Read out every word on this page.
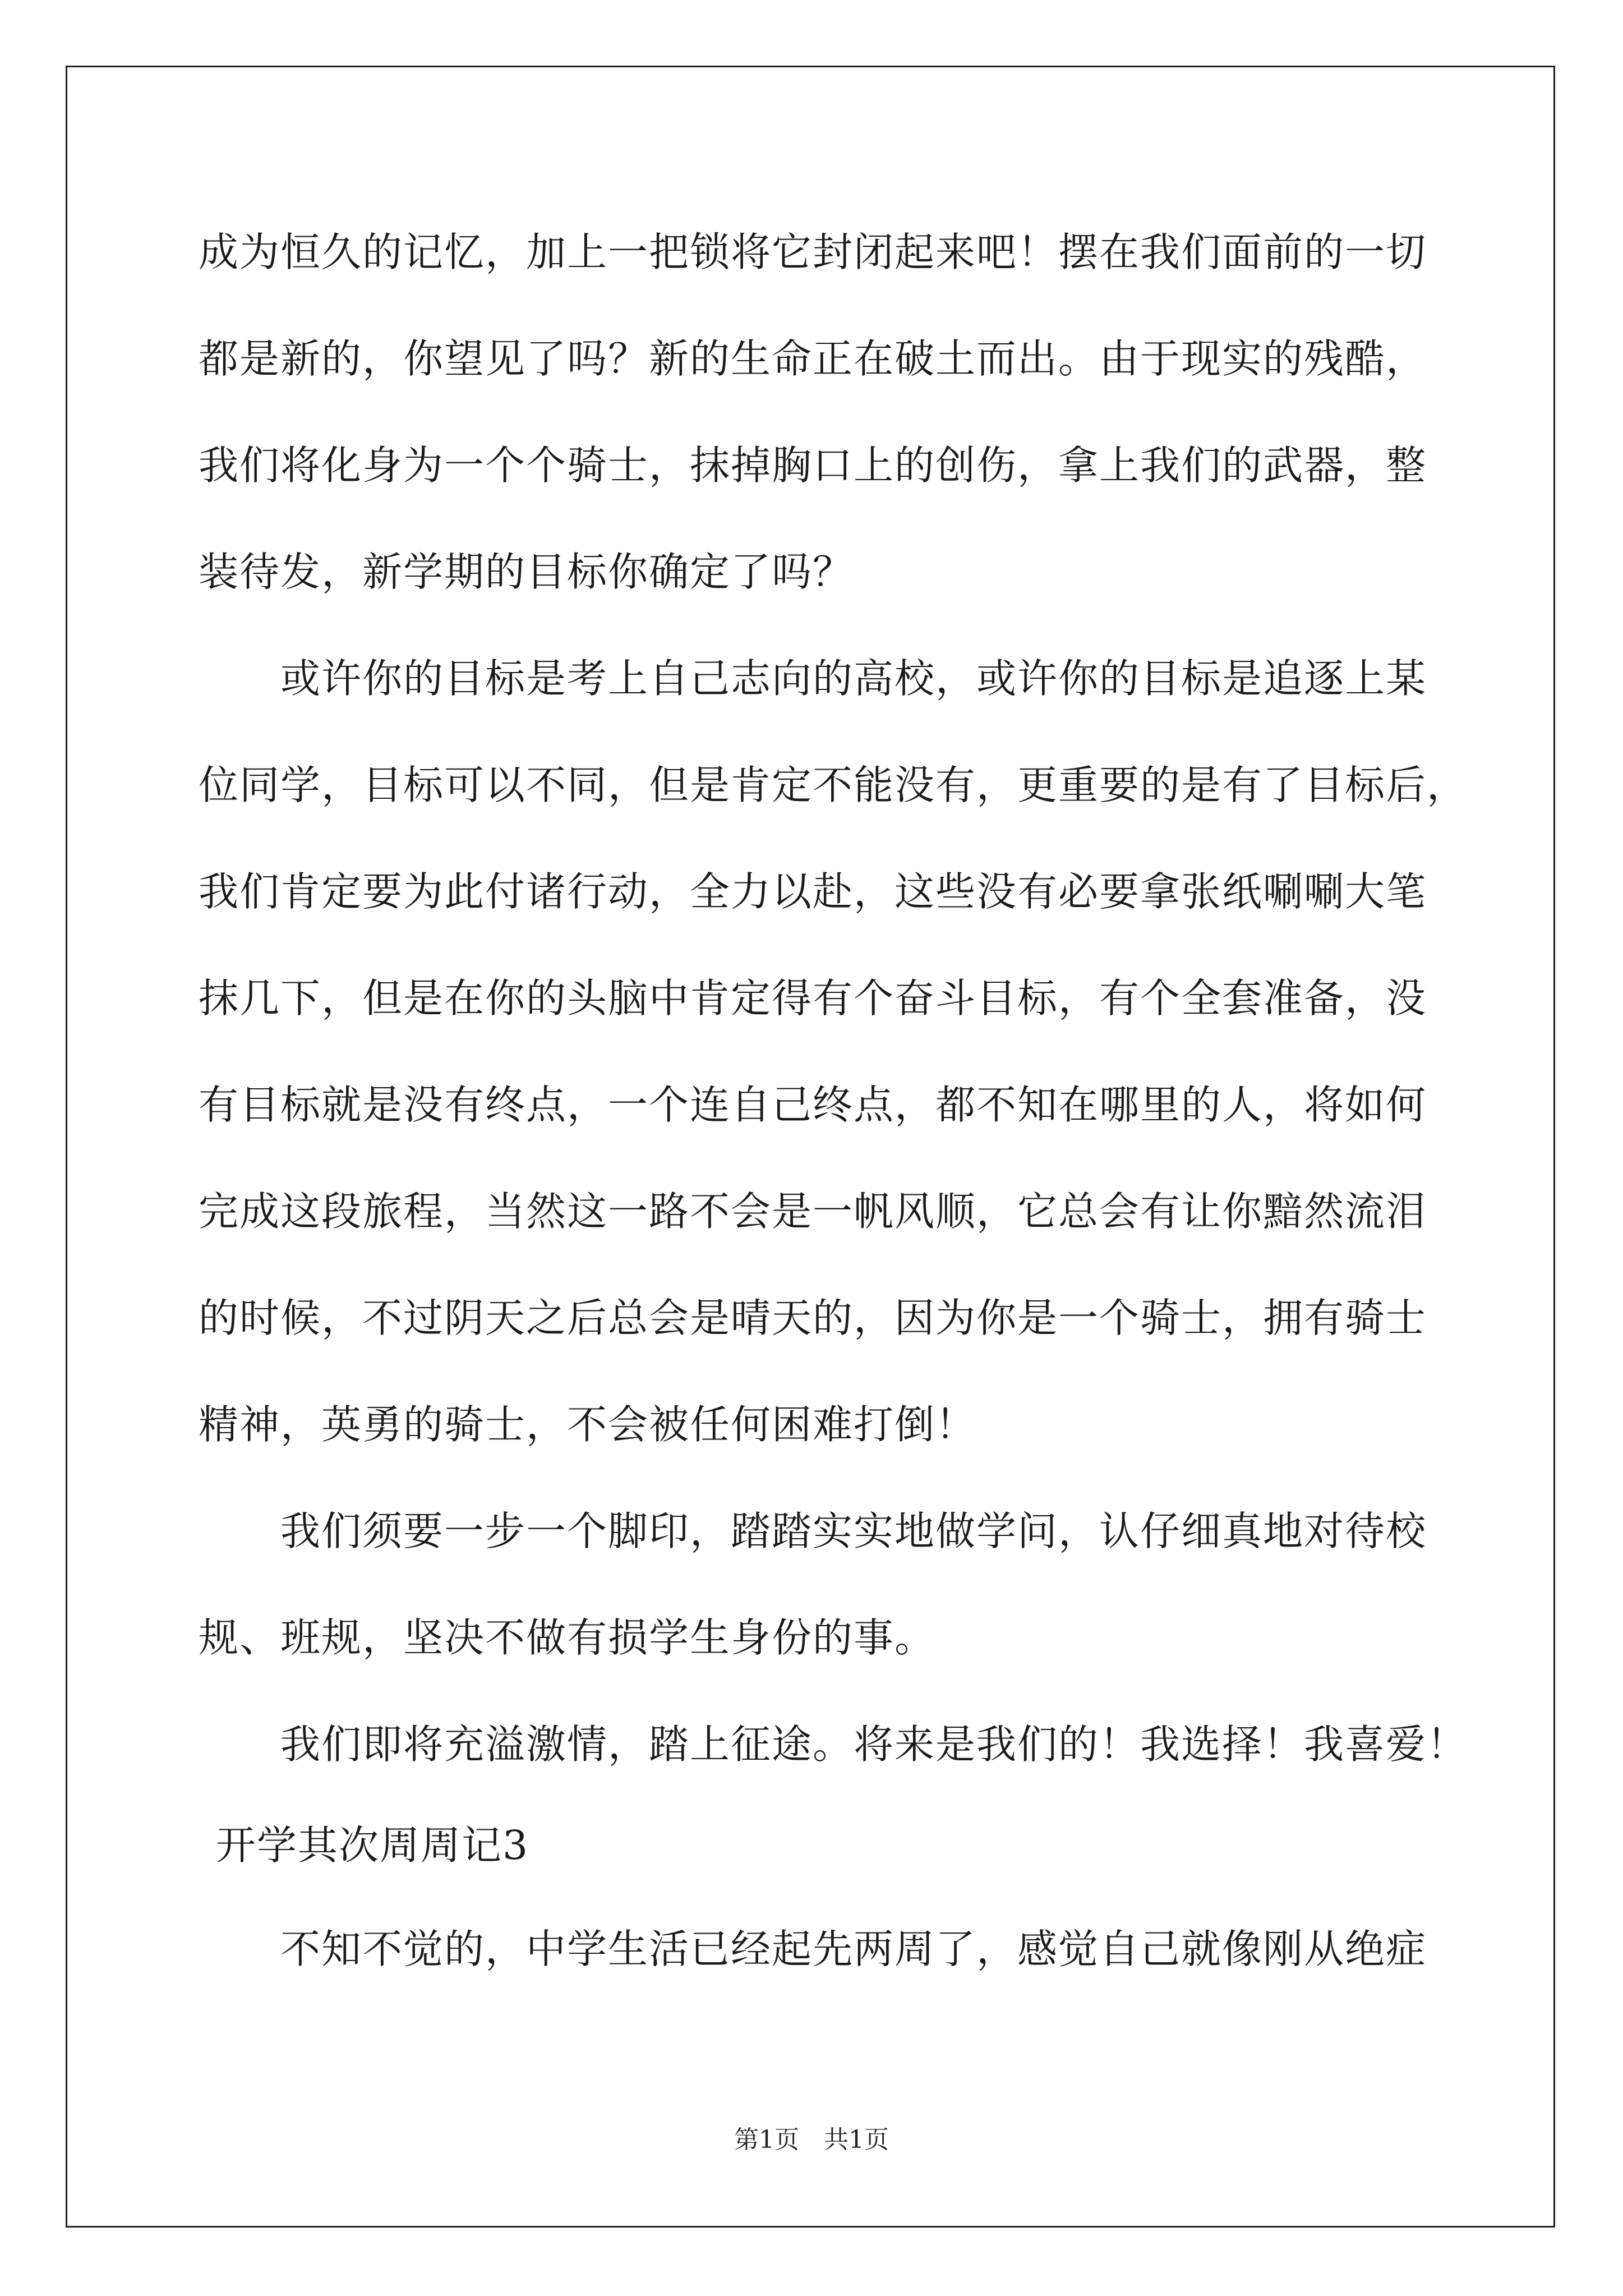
成为恒久的记忆，加上一把锁将它封闭起来吧！摆在我们面前的一切
都是新的，你望见了吗？新的生命正在破土而出。由于现实的残酷，
我们将化身为一个个骑士，抹掉胸口上的创伤，拿上我们的武器，整
装待发，新学期的目标你确定了吗？
或许你的目标是考上自己志向的高校，或许你的目标是追逐上某
位同学，目标可以不同，但是肯定不能没有，更重要的是有了目标后，
我们肯定要为此付诸行动，全力以赴，这些没有必要拿张纸唰唰大笔
抹几下，但是在你的头脑中肯定得有个奋斗目标，有个全套准备，没
有目标就是没有终点，一个连自己终点，都不知在哪里的人，将如何
完成这段旅程，当然这一路不会是一帆风顺，它总会有让你黯然流泪
的时候，不过阴天之后总会是晴天的，因为你是一个骑士，拥有骑士
精神，英勇的骑士，不会被任何困难打倒！
我们须要一步一个脚印，踏踏实实地做学问，认仔细真地对待校
规、班规，坚决不做有损学生身份的事。
我们即将充溢激情，踏上征途。将来是我们的！我选择！我喜爱！
开学其次周周记3
不知不觉的，中学生活已经起先两周了，感觉自己就像刚从绝症
第1页　共1页
